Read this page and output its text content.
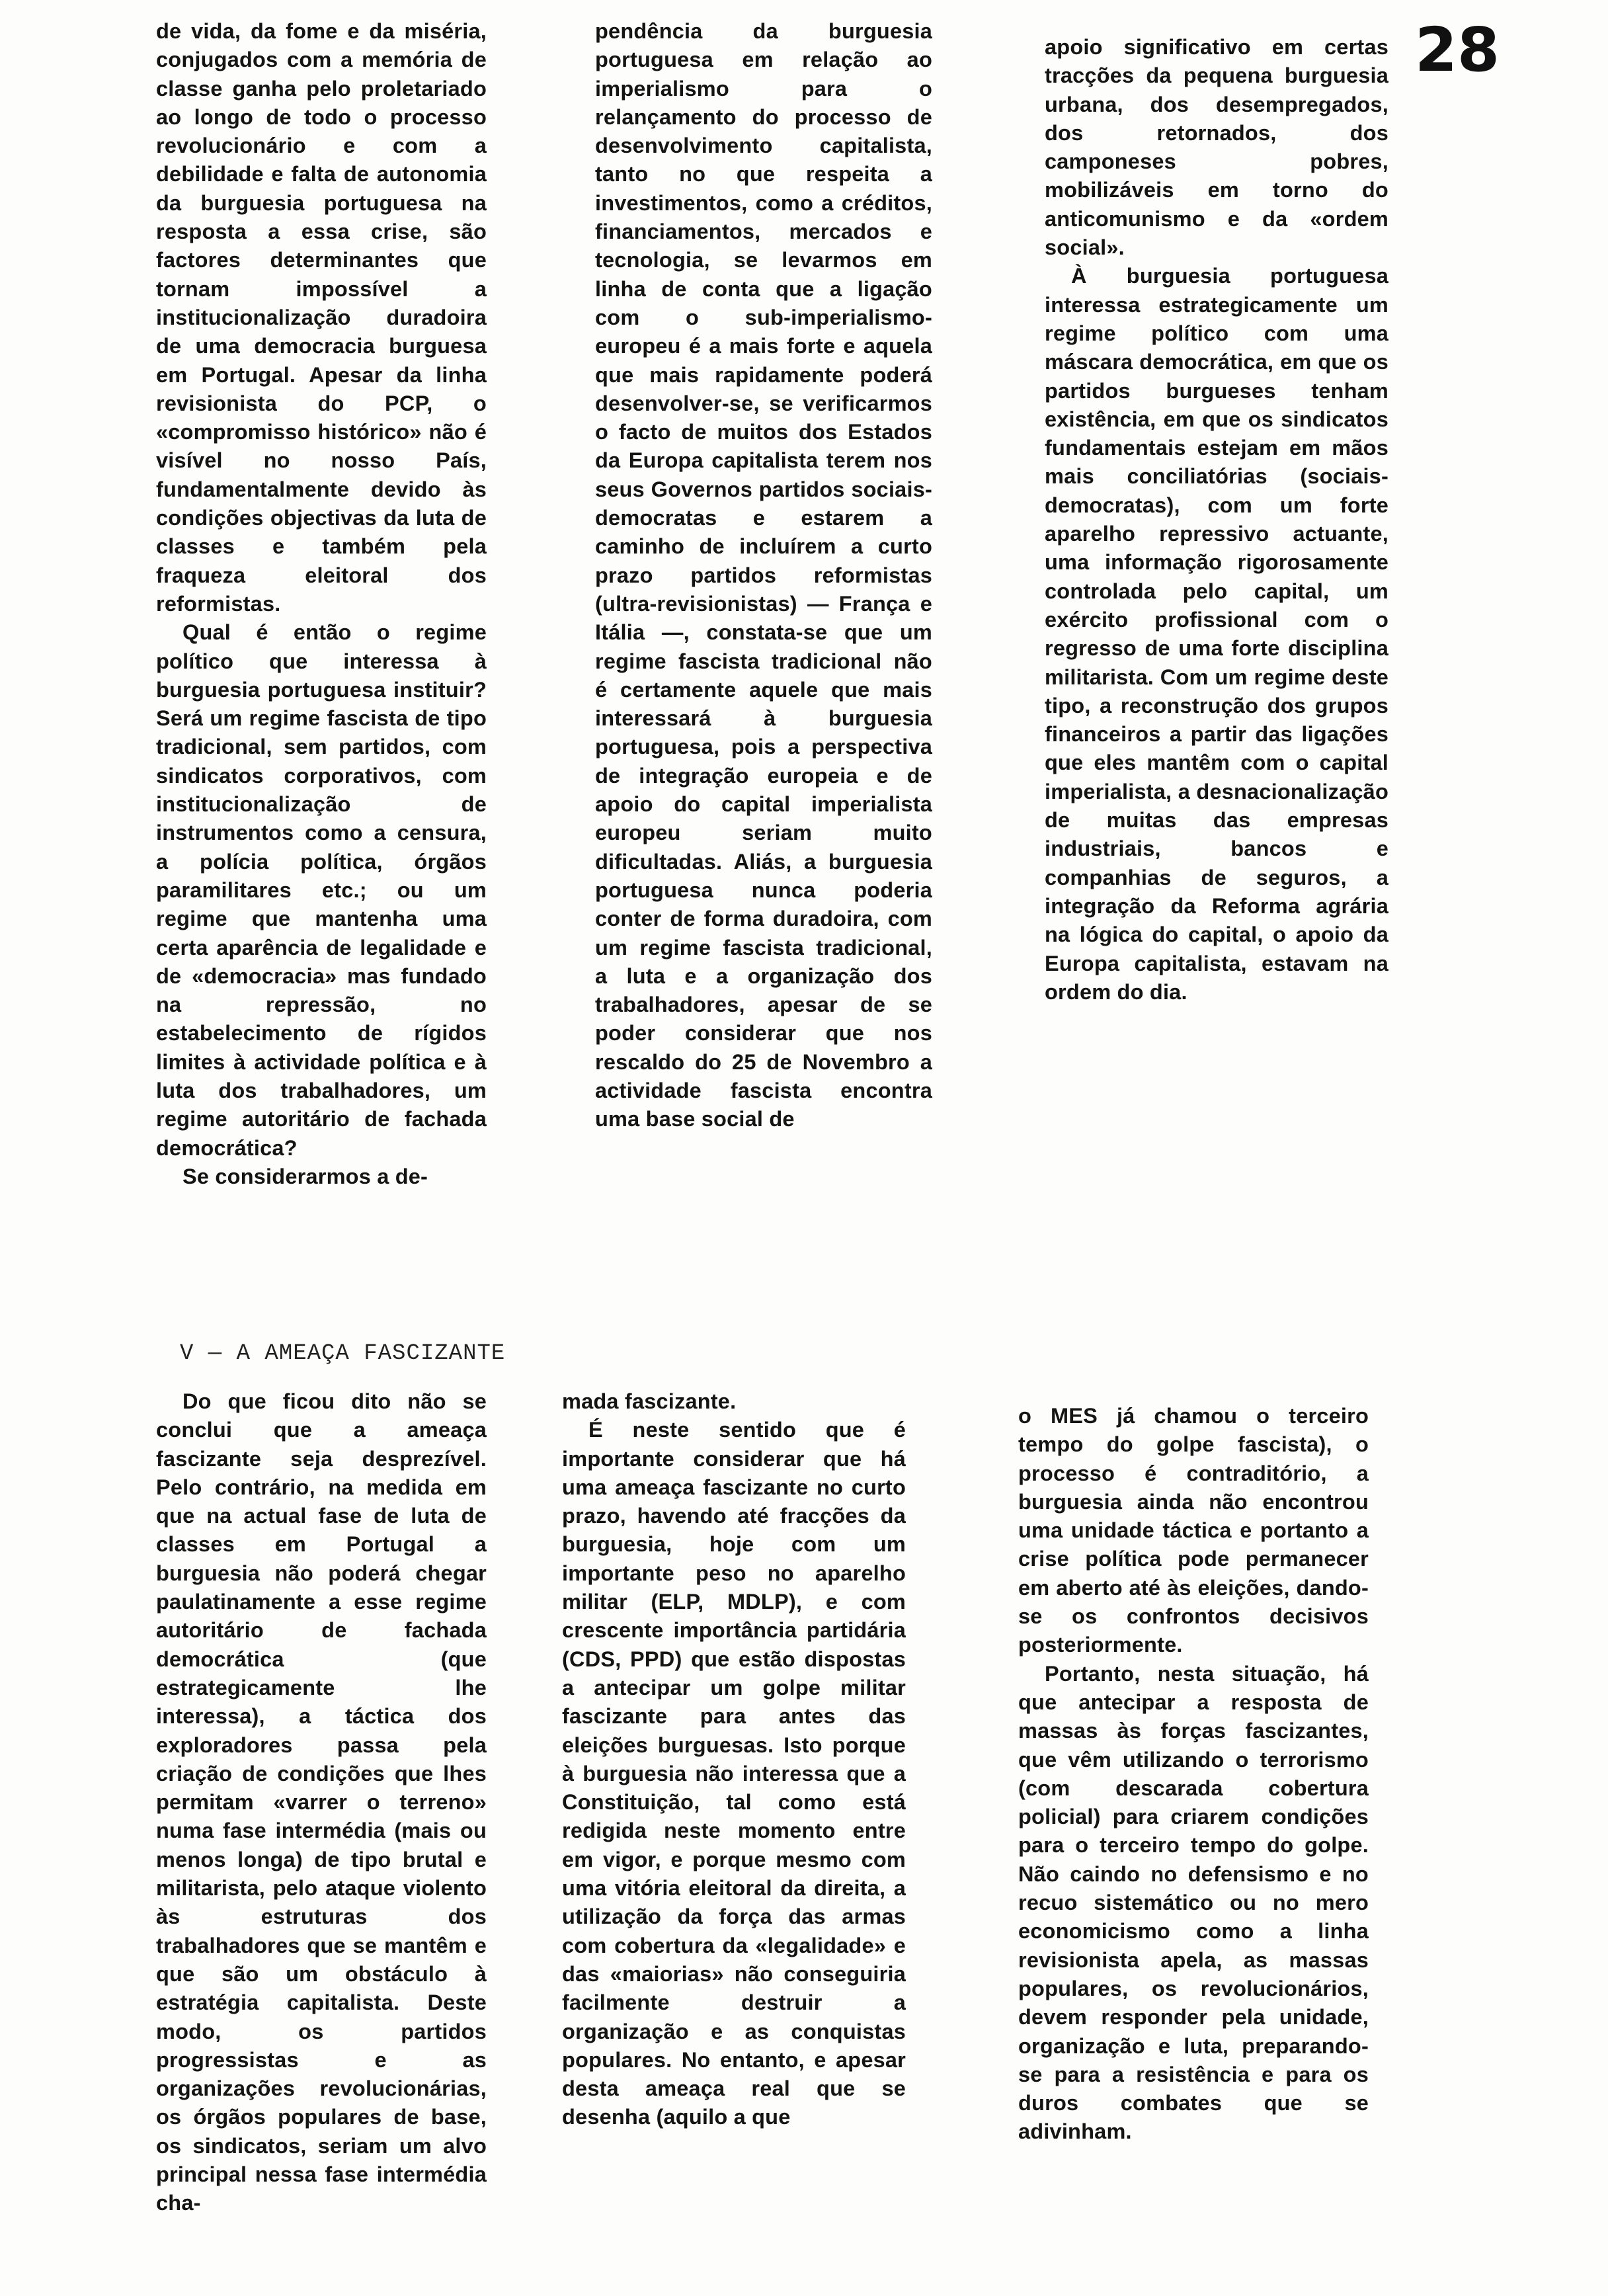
28

de vida, da fome e da miséria, conjugados com a memória de classe ganha pelo proletariado ao longo de todo o processo revolucionário e com a debilidade e falta de autonomia da burguesia portuguesa na resposta a essa crise, são factores determinantes que tornam impossível a institucionalização duradoira de uma democracia burguesa em Portugal. Apesar da linha revisionista do PCP, o «compromisso histórico» não é visível no nosso País, fundamentalmente devido às condições objectivas da luta de classes e também pela fraqueza eleitoral dos reformistas.

Qual é então o regime político que interessa à burguesia portuguesa instituir? Será um regime fascista de tipo tradicional, sem partidos, com sindicatos corporativos, com institucionalização de instrumentos como a censura, a polícia política, órgãos paramilitares etc.; ou um regime que mantenha uma certa aparência de legalidade e de «democracia» mas fundado na repressão, no estabelecimento de rígidos limites à actividade política e à luta dos trabalhadores, um regime autoritário de fachada democrática?

Se considerarmos a de-

pendência da burguesia portuguesa em relação ao imperialismo para o relançamento do processo de desenvolvimento capitalista, tanto no que respeita a investimentos, como a créditos, financiamentos, mercados e tecnologia, se levarmos em linha de conta que a ligação com o sub-imperialismo-europeu é a mais forte e aquela que mais rapidamente poderá desenvolver-se, se verificarmos o facto de muitos dos Estados da Europa capitalista terem nos seus Governos partidos sociais-democratas e estarem a caminho de incluírem a curto prazo partidos reformistas (ultra-revisionistas) — França e Itália —, constata-se que um regime fascista tradicional não é certamente aquele que mais interessará à burguesia portuguesa, pois a perspectiva de integração europeia e de apoio do capital imperialista europeu seriam muito dificultadas. Aliás, a burguesia portuguesa nunca poderia conter de forma duradoira, com um regime fascista tradicional, a luta e a organização dos trabalhadores, apesar de se poder considerar que nos rescaldo do 25 de Novembro a actividade fascista encontra uma base social de

apoio significativo em certas tracções da pequena burguesia urbana, dos desempregados, dos retornados, dos camponeses pobres, mobilizáveis em torno do anticomunismo e da «ordem social».

À burguesia portuguesa interessa estrategicamente um regime político com uma máscara democrática, em que os partidos burgueses tenham existência, em que os sindicatos fundamentais estejam em mãos mais conciliatórias (sociais-democratas), com um forte aparelho repressivo actuante, uma informação rigorosamente controlada pelo capital, um exército profissional com o regresso de uma forte disciplina militarista. Com um regime deste tipo, a reconstrução dos grupos financeiros a partir das ligações que eles mantêm com o capital imperialista, a desnacionalização de muitas das empresas industriais, bancos e companhias de seguros, a integração da Reforma agrária na lógica do capital, o apoio da Europa capitalista, estavam na ordem do dia.

V — A AMEAÇA FASCIZANTE

Do que ficou dito não se conclui que a ameaça fascizante seja desprezível. Pelo contrário, na medida em que na actual fase de luta de classes em Portugal a burguesia não poderá chegar paulatinamente a esse regime autoritário de fachada democrática (que estrategicamente lhe interessa), a táctica dos exploradores passa pela criação de condições que lhes permitam «varrer o terreno» numa fase intermédia (mais ou menos longa) de tipo brutal e militarista, pelo ataque violento às estruturas dos trabalhadores que se mantêm e que são um obstáculo à estratégia capitalista. Deste modo, os partidos progressistas e as organizações revolucionárias, os órgãos populares de base, os sindicatos, seriam um alvo principal nessa fase intermédia cha-

mada fascizante.

É neste sentido que é importante considerar que há uma ameaça fascizante no curto prazo, havendo até fracções da burguesia, hoje com um importante peso no aparelho militar (ELP, MDLP), e com crescente importância partidária (CDS, PPD) que estão dispostas a antecipar um golpe militar fascizante para antes das eleições burguesas. Isto porque à burguesia não interessa que a Constituição, tal como está redigida neste momento entre em vigor, e porque mesmo com uma vitória eleitoral da direita, a utilização da força das armas com cobertura da «legalidade» e das «maiorias» não conseguiria facilmente destruir a organização e as conquistas populares. No entanto, e apesar desta ameaça real que se desenha (aquilo a que

o MES já chamou o terceiro tempo do golpe fascista), o processo é contraditório, a burguesia ainda não encontrou uma unidade táctica e portanto a crise política pode permanecer em aberto até às eleições, dando-se os confrontos decisivos posteriormente.

Portanto, nesta situação, há que antecipar a resposta de massas às forças fascizantes, que vêm utilizando o terrorismo (com descarada cobertura policial) para criarem condições para o terceiro tempo do golpe. Não caindo no defensismo e no recuo sistemático ou no mero economicismo como a linha revisionista apela, as massas populares, os revolucionários, devem responder pela unidade, organização e luta, preparando-se para a resistência e para os duros combates que se adivinham.
